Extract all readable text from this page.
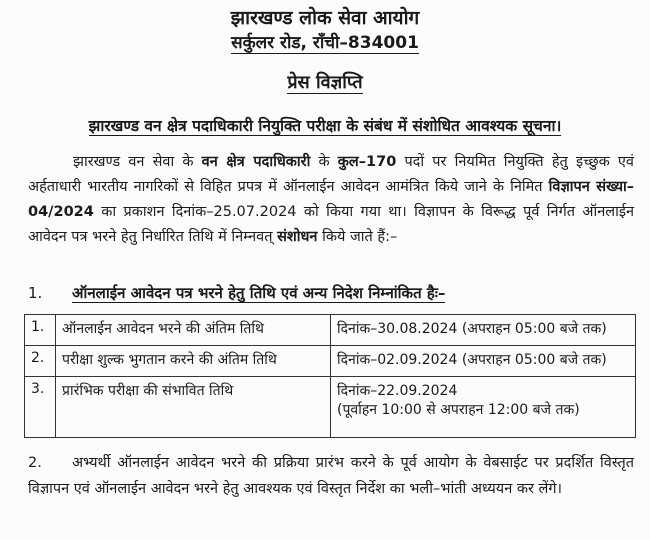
झारखण्ड लोक सेवा आयोग
सर्कुलर रोड, राँची–834001
प्रेस विज्ञप्ति
झारखण्ड वन क्षेत्र पदाधिकारी नियुक्ति परीक्षा के संबंध में संशोधित आवश्यक सूचना।

झारखण्ड वन सेवा के वन क्षेत्र पदाधिकारी के कुल–170 पदों पर नियमित नियुक्ति हेतु इच्छुक एवं अर्हताधारी भारतीय नागरिकों से विहित प्रपत्र में ऑनलाईन आवेदन आमंत्रित किये जाने के निमित विज्ञापन संख्या–04/2024 का प्रकाशन दिनांक–25.07.2024 को किया गया था। विज्ञापन के विरूद्ध पूर्व निर्गत ऑनलाईन आवेदन पत्र भरने हेतु निर्धारित तिथि में निम्नवत् संशोधन किये जाते हैं:–

1. ऑनलाईन आवेदन पत्र भरने हेतु तिथि एवं अन्य निदेश निम्नांकित हैः–
1.	ऑनलाईन आवेदन भरने की अंतिम तिथि	दिनांक–30.08.2024 (अपराहन 05:00 बजे तक)

2.	परीक्षा शुल्क भुगतान करने की अंतिम तिथि	दिनांक–02.09.2024 (अपराहन 05:00 बजे तक)

3.	प्रारंभिक परीक्षा की संभावित तिथि	दिनांक–22.09.2024
(पूर्वाहन 10:00 से अपराहन 12:00 बजे तक)

2. अभ्यर्थी ऑनलाईन आवेदन भरने की प्रक्रिया प्रारंभ करने के पूर्व आयोग के वेबसाईट पर प्रदर्शित विस्तृत विज्ञापन एवं ऑनलाईन आवेदन भरने हेतु आवश्यक एवं विस्तृत निर्देश का भली–भांती अध्ययन कर लेंगे।
